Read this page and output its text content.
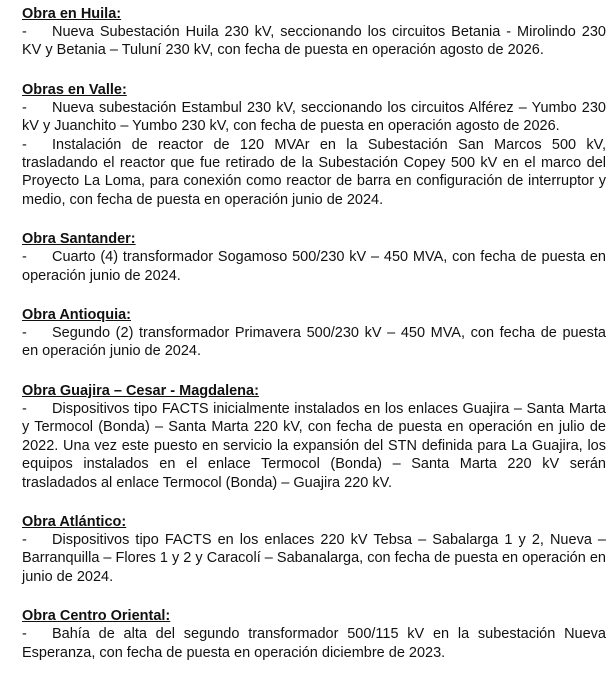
Obra en Huila:

- Nueva Subestación Huila 230 kV, seccionando los circuitos Betania - Mirolindo 230 KV y Betania – Tuluní 230 kV, con fecha de puesta en operación agosto de 2026.

Obras en Valle:

- Nueva subestación Estambul 230 kV, seccionando los circuitos Alférez – Yumbo 230 kV y Juanchito – Yumbo 230 kV, con fecha de puesta en operación agosto de 2026.

- Instalación de reactor de 120 MVAr en la Subestación San Marcos 500 kV, trasladando el reactor que fue retirado de la Subestación Copey 500 kV en el marco del Proyecto La Loma, para conexión como reactor de barra en configuración de interruptor y medio, con fecha de puesta en operación junio de 2024.

Obra Santander:

- Cuarto (4) transformador Sogamoso 500/230 kV – 450 MVA, con fecha de puesta en operación junio de 2024.

Obra Antioquia:

- Segundo (2) transformador Primavera 500/230 kV – 450 MVA, con fecha de puesta en operación junio de 2024.

Obra Guajira – Cesar - Magdalena:

- Dispositivos tipo FACTS inicialmente instalados en los enlaces Guajira – Santa Marta y Termocol (Bonda) – Santa Marta 220 kV, con fecha de puesta en operación en julio de 2022. Una vez este puesto en servicio la expansión del STN definida para La Guajira, los equipos instalados en el enlace Termocol (Bonda) – Santa Marta 220 kV serán trasladados al enlace Termocol (Bonda) – Guajira 220 kV.

Obra Atlántico:

- Dispositivos tipo FACTS en los enlaces 220 kV Tebsa – Sabalarga 1 y 2, Nueva – Barranquilla – Flores 1 y 2 y Caracolí – Sabanalarga, con fecha de puesta en operación en junio de 2024.

Obra Centro Oriental:

- Bahía de alta del segundo transformador 500/115 kV en la subestación Nueva Esperanza, con fecha de puesta en operación diciembre de 2023.
